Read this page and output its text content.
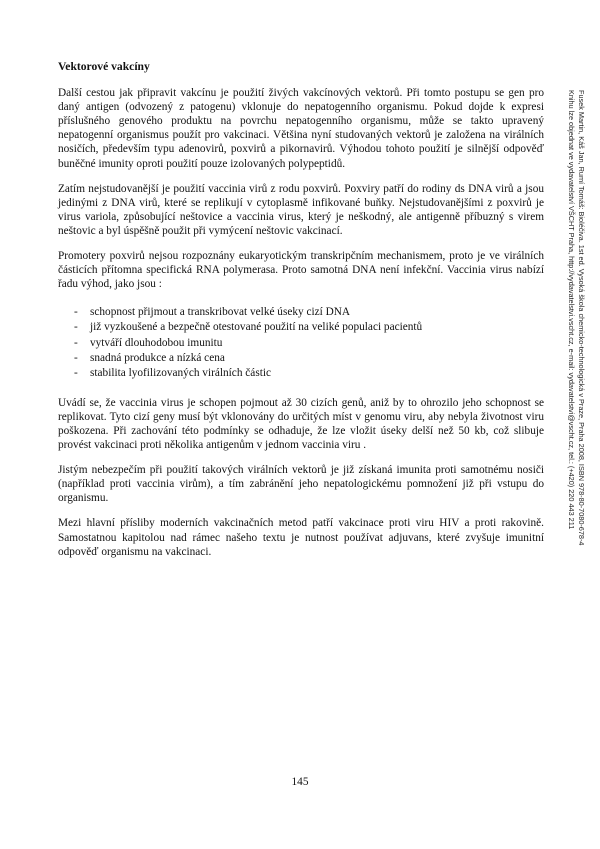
Vektorové vakcíny

Další cestou jak připravit vakcínu je použití živých vakcínových vektorů. Při tomto postupu se gen pro daný antigen (odvozený z patogenu) vklonuje do nepatogenního organismu. Pokud dojde k expresi příslušného genového produktu na povrchu nepatogenního organismu, může se takto upravený nepatogenní organismus použít pro vakcinaci. Většina nyní studovaných vektorů je založena na virálních nosičích, především typu adenovirů, poxvirů a pikornavirů. Výhodou tohoto použití je silnější odpověď buněčné imunity oproti použití pouze izolovaných polypeptidů.

Zatím nejstudovanější je použití vaccinia virů z rodu poxvirů. Poxviry patří do rodiny ds DNA virů a jsou jedinými z DNA virů, které se replikují v cytoplasmě infikované buňky. Nejstudovanějšími z poxvirů je virus variola, způsobující neštovice a vaccinia virus, který je neškodný, ale antigenně příbuzný s virem neštovic a byl úspěšně použit při vymýcení neštovic vakcinací.

Promotery poxvirů nejsou rozpoznány eukaryotickým transkripčním mechanismem, proto je ve virálních částicích přítomna specifická RNA polymerasa. Proto samotná DNA není infekční. Vaccinia virus nabízí řadu výhod, jako jsou :

- schopnost přijmout a transkribovat velké úseky cizí DNA
- již vyzkoušené a bezpečně otestované použití na veliké populaci pacientů
- vytváří dlouhodobou imunitu
- snadná produkce a nízká cena
- stabilita lyofilizovaných virálních částic

Uvádí se, že vaccinia virus je schopen pojmout až 30 cizích genů, aniž by to ohrozilo jeho schopnost se replikovat. Tyto cizí geny musí být vklonovány do určitých míst v genomu viru, aby nebyla životnost viru poškozena. Při zachování této podmínky se odhaduje, že lze vložit úseky delší než 50 kb, což slibuje provést vakcinaci proti několika antigenům v jednom vaccinia viru .

Jistým nebezpečím při použití takových virálních vektorů je již získaná imunita proti samotnému nosiči (například proti vaccinia virům), a tím zabránění jeho nepatologickému pomnožení již při vstupu do organismu.

Mezi hlavní přísliby moderních vakcinačních metod patří vakcinace proti viru HIV a proti rakovině. Samostatnou kapitolou nad rámec našeho textu je nutnost používat adjuvans, které zvyšuje imunitní odpověď organismu na vakcinaci.

Fusek Martin, Káš Jan, Rumí Tomáš: Bioléčiva. 1st ed. Vysoká škola chemicko-technologická v Praze, Praha 2008, ISBN 978-80-7080-678-4
Knihu lze objednat ve vydavatelství VŠCHT Praha, http://vydavatelstvi.vscht.cz, e-mail: vydavatelstvi@vscht.cz, tel.: (+420) 220 443 211
145
